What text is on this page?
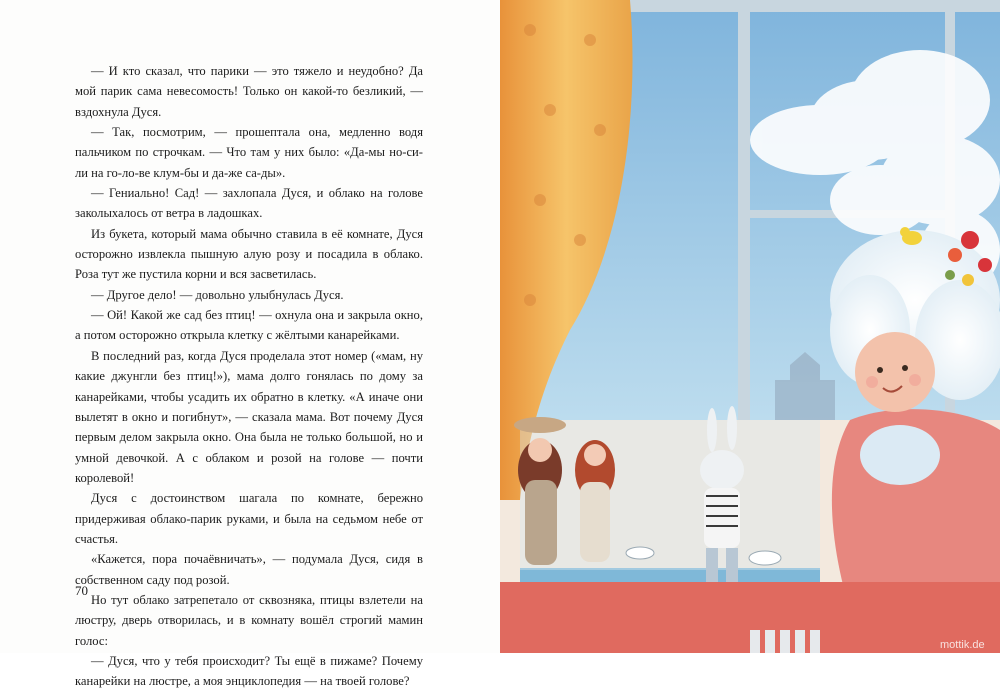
— И кто сказал, что парики — это тяжело и неудобно? Да мой парик сама невесомость! Только он какой-то безликий, — вздохнула Дуся.

— Так, посмотрим, — прошептала она, медленно водя пальчиком по строчкам. — Что там у них было: «Да-мы но-си-ли на го-ло-ве клум-бы и да-же са-ды».

— Гениально! Сад! — захлопала Дуся, и облако на голове заколыхалось от ветра в ладошках.

Из букета, который мама обычно ставила в её комнате, Дуся осторожно извлекла пышную алую розу и посадила в облако. Роза тут же пустила корни и вся засветилась.

— Другое дело! — довольно улыбнулась Дуся.

— Ой! Какой же сад без птиц! — охнула она и закрыла окно, а потом осторожно открыла клетку с жёлтыми канарейками.

В последний раз, когда Дуся проделала этот номер («мам, ну какие джунгли без птиц!»), мама долго гонялась по дому за канарейками, чтобы усадить их обратно в клетку. «А иначе они вылетят в окно и погибнут», — сказала мама. Вот почему Дуся первым делом закрыла окно. Она была не только большой, но и умной девочкой. А с облаком и розой на голове — почти королевой!

Дуся с достоинством шагала по комнате, бережно придерживая облако-парик руками, и была на седьмом небе от счастья.

«Кажется, пора почаёвничать», — подумала Дуся, сидя в собственном саду под розой.

Но тут облако затрепетало от сквозняка, птицы взлетели на люстру, дверь отворилась, и в комнату вошёл строгий мамин голос:

— Дуся, что у тебя происходит? Ты ещё в пижаме? Почему канарейки на люстре, а моя энциклопедия — на твоей голове?

70
mottik.de
